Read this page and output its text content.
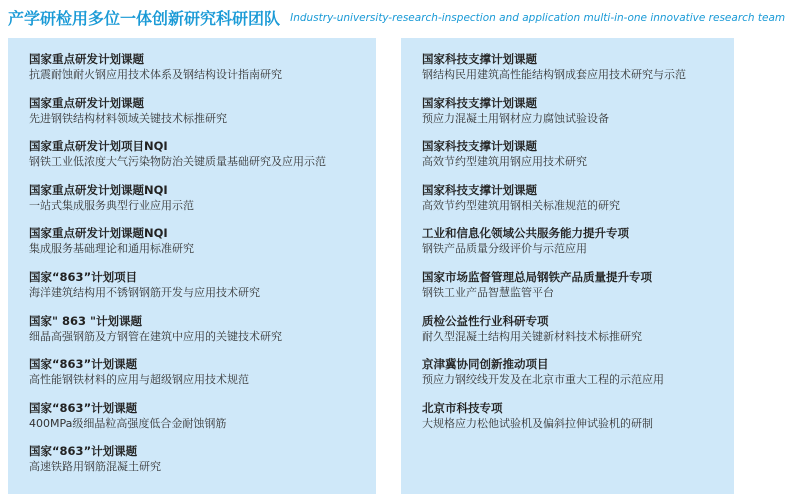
产学研检用多位一体创新研究科研团队 Industry-university-research-inspection and application multi-in-one innovative research team
国家重点研发计划课题
抗震耐蚀耐火钢应用技术体系及钢结构设计指南研究
国家重点研发计划课题
先进钢铁结构材料领域关键技术标推研究
国家重点研发计划项目NQI
钢铁工业低浓度大气污染物防治关键质量基础研究及应用示范
国家重点研发计划课题NQI
一站式集成服务典型行业应用示范
国家重点研发计划课题NQI
集成服务基础理论和通用标准研究
国家“863”计划项目
海洋建筑结构用不锈钢钢筋开发与应用技术研究
国家" 863 "计划课题
细晶高强钢筋及方钢管在建筑中应用的关键技术研究
国家“863”计划课题
高性能钢铁材料的应用与超级钢应用技术规范
国家“863”计划课题
400MPa级细晶粒高强度低合金耐蚀钢筋
国家“863”计划课题
高速铁路用钢筋混凝土研究
国家科技支撑计划课题
钢结构民用建筑高性能结构钢成套应用技术研究与示范
国家科技支撑计划课题
预应力混凝土用钢材应力腐蚀试验设备
国家科技支撑计划课题
高效节约型建筑用钢应用技术研究
国家科技支撑计划课题
高效节约型建筑用钢相关标准规范的研究
工业和信息化领域公共服务能力提升专项
钢铁产品质量分级评价与示范应用
国家市场监督管理总局钢铁产品质量提升专项
钢铁工业产品智慧监管平台
质检公益性行业科研专项
耐久型混凝土结构用关键新材料技术标推研究
京津冀协同创新推动项目
预应力钢绞线开发及在北京市重大工程的示范应用
北京市科技专项
大规格应力松他试验机及偏斜拉伸试验机的研制
